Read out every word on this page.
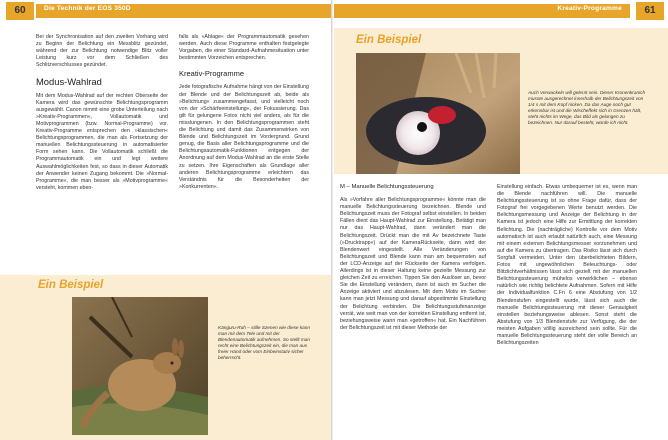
60	Die Technik der EOS 350D

Bei der Synchronisation auf den zweiten Vorhang wird zu Beginn der Belichtung ein Messblitz gezündet, während der zur Belichtung notwendige Blitz voller Leistung kurz vor dem Schließen des Schlitzverschlusses gezündet.

Modus-Wahlrad

Mit dem Modus-Wahlrad auf der rechten Oberseite der Kamera wird das gewünschte Belichtungsprogramm ausgewählt. Canon nimmt eine grobe Unterteilung nach »Kreativ-Programmen«, Vollautomatik und Motivprogrammen (bzw. Normal-Programme) vor. Kreativ-Programme entsprechen den »klassischen« Belichtungsprogrammen, die man als Fortsetzung der manuellen Belichtungssteuerung in automatisierter Form sehen kann. Die Vollautomatik schließt die Programmautomatik ein und legt weitere Auswahlmöglichkeiten fest, so dass in dieser Automatik der Anwender keinen Zugang bekommt. Die »Normal-Programme«, die man besser als »Motivprogramme« versteht, kommen eben-

falls als »Ablage« der Programmautomatik gesehen werden. Auch diese Programme enthalten festgelegte Vorgaben, die einer Standard-Aufnahmesituation unter bestimmten Vorzeichen entsprechen.

Kreativ-Programme

Jede fotografische Aufnahme hängt von der Einstellung der Blende und der Belichtungszeit ab, beide als »Belichtung« zusammengefasst, und vielleicht noch von der »Schärfeeinstellung«, der Fokussierung. Das gilt für gelungene Fotos nicht viel anders, als für die misslungenen. In den Belichtungsprogrammen steht die Belichtung und damit das Zusammenwirken von Blende und Belichtungszeit im Vordergrund. Grund genug, die Basis aller Belichtungsprogramme und die Belichtungsautomatik-Funktionen entgegen der Anordnung auf dem Modus-Wahlrad an die erste Stelle zu setzen. Ihre Eigenschaften als Grundlage aller anderen Belichtungsprogramme erleichtern das Verständnis für die Besonderheiten der »Konkurrenten«.

Ein Beispiel
Känguru-Ruh – stille Szenen wie diese kann man mit dem Tele und mit der Blendenautomatik aufnehmen. So stellt man recht eine Belichtungszeit ein, die man aus freier Hand oder vom Einbeinstativ sicher beherrscht.
Kreativ-Programme	61
Ein Beispiel
Auch Verwackeln will gelernt sein. Dieser Kronenkranich musste ausgerechnet innerhalb der Belichtungszeit von 1/4 s mit dem Kopf nicken. Da das Auge noch gut erkennbar ist und die Wischeffekt sich in Grenzen hält, steht nichts im Wege, das Bild als gelungen zu bezeichnen. Nur darauf besteht, würde ich nicht.
M – Manuelle Belichtungssteuerung

Als »Vorfahre aller Belichtungsprogramme« könnte man die manuelle Belichtungssteuerung bezeichnen. Blende und Belichtungszeit muss der Fotograf selbst einstellen. In beiden Fällen dient das Haupt-Wahlrad zur Einstellung. Betätigt man nur das Haupt-Wahlrad, dann verändert man die Belichtungszeit. Drückt man die mit Av bezeichnete Taste (»Drucktrapp«) auf der KameraRückseite, dann wird der Blendenwert eingestellt. Alle Veränderungen von Belichtungszeit und Blende kann man am bequemsten auf der LCD-Anzeige auf der Rückseite der Kamera verfolgen. Allerdings ist in dieser Haltung keine gezielte Messung zur gleichen Zeit zu erreichen. Tippen Sie den Auslöser an, bevor Sie die Einstellung verändern, dann ist auch im Sucher die Anzeige aktiviert und abzulesen. Mit dem Motiv im Sucher kann man jetzt Messung und darauf abgestimmte Einstellung der Belichtung verbinden. Die Belichtungsstufenanzeige verrät, wie weit man von der korrekten Einstellung entfernt ist, beziehungsweise wann man »getroffen« hat. Ein Nachführen der Belichtungszeit ist mit dieser Methode der

Einstellung einfach. Etwas umbequemer ist es, wenn man die Blende nachführen will. Die manuelle Belichtungssteuerung ist so ohne Frage dafür, dass der Fotograf frei vorgegebenen Werte benutzt werden. Die Belichtungsmessung und Anzeige der Belichtung in der Kamera ist jedoch eine Hilfe zur Ermittlung der korrekten Belichtung. Die (nachträgliche) Kontrolle vor dem Motiv automatisch ist auch erlaubt natürlich auch, eine Messung mit einem externen Belichtungsmesser vorzunehmen und auf die Kamera zu übertragen. Das Risiko lässt sich durch Sorgfalt vermeiden. Unter den überbelichteten Bildern, Fotos mit ungewöhnlichen Beleuchtungs- oder Blitzlichtverhältnissen lässt sich gezielt mit der manuellen Belichtungssteuerung mühelos verwirklichen – ebenso natürlich wie richtig belichtete Aufnahmen. Sofern mit Hilfe der Individualfunktion C.Fn 6 eine Abstufung von 1/2 Blendenstufen eingestellt wurde, lässt sich auch die manuelle Belichtungssteuerung mit dieser Genauigkeit einstellen beziehungsweise ablesen. Sonst steht die Abstufung von 1/3 Blendenstufe zur Verfügung, die der meisten Aufgaben völlig ausreichend sein sollte. Für die manuelle Belichtungssteuerung steht der volle Bereich an Belichtungszeiten
